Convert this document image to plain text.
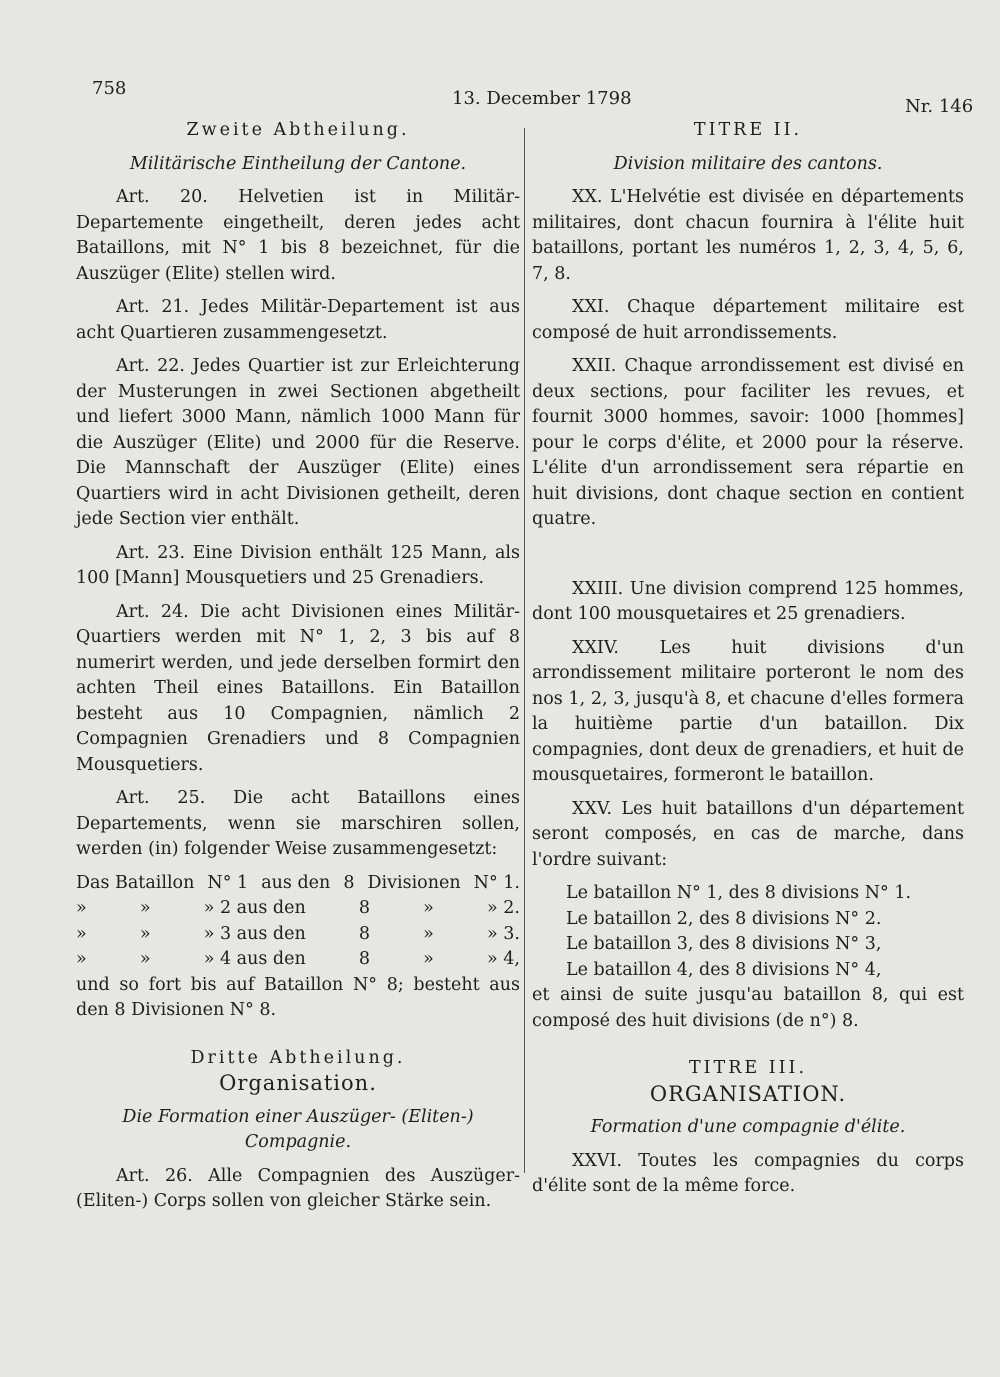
758	13. December 1798	Nr. 146
Zweite Abtheilung.
Militärische Eintheilung der Cantone.

Art. 20. Helvetien ist in Militär-Departemente eingetheilt, deren jedes acht Bataillons, mit N° 1 bis 8 bezeichnet, für die Auszüger (Elite) stellen wird.

Art. 21. Jedes Militär-Departement ist aus acht Quartieren zusammengesetzt.

Art. 22. Jedes Quartier ist zur Erleichterung der Musterungen in zwei Sectionen abgetheilt und liefert 3000 Mann, nämlich 1000 Mann für die Auszüger (Elite) und 2000 für die Reserve. Die Mannschaft der Auszüger (Elite) eines Quartiers wird in acht Divisionen getheilt, deren jede Section vier enthält.

Art. 23. Eine Division enthält 125 Mann, als 100 [Mann] Mousquetiers und 25 Grenadiers.

Art. 24. Die acht Divisionen eines Militär-Quartiers werden mit N° 1, 2, 3 bis auf 8 numerirt werden, und jede derselben formirt den achten Theil eines Bataillons. Ein Bataillon besteht aus 10 Compagnien, nämlich 2 Compagnien Grenadiers und 8 Compagnien Mousquetiers.

Art. 25. Die acht Bataillons eines Departements, wenn sie marschiren sollen, werden (in) folgender Weise zusammengesetzt:

Das Bataillon N° 1 aus den 8 Divisionen N° 1.
»	»	» 2 aus den	8	»	» 2.
»	»	» 3 aus den	8	»	» 3.
»	»	» 4 aus den	8	»	» 4,

und so fort bis auf Bataillon N° 8; besteht aus den 8 Divisionen N° 8.

Dritte Abtheilung.
Organisation.
Die Formation einer Auszüger- (Eliten-) Compagnie.

Art. 26. Alle Compagnien des Auszüger- (Eliten-) Corps sollen von gleicher Stärke sein.

TITRE II.
Division militaire des cantons.

XX. L'Helvétie est divisée en départements militaires, dont chacun fournira à l'élite huit bataillons, portant les numéros 1, 2, 3, 4, 5, 6, 7, 8.

XXI. Chaque département militaire est composé de huit arrondissements.

XXII. Chaque arrondissement est divisé en deux sections, pour faciliter les revues, et fournit 3000 hommes, savoir: 1000 [hommes] pour le corps d'élite, et 2000 pour la réserve. L'élite d'un arrondissement sera répartie en huit divisions, dont chaque section en contient quatre.

XXIII. Une division comprend 125 hommes, dont 100 mousquetaires et 25 grenadiers.

XXIV. Les huit divisions d'un arrondissement militaire porteront le nom des nos 1, 2, 3, jusqu'à 8, et chacune d'elles formera la huitième partie d'un bataillon. Dix compagnies, dont deux de grenadiers, et huit de mousquetaires, formeront le bataillon.

XXV. Les huit bataillons d'un département seront composés, en cas de marche, dans l'ordre suivant:

Le bataillon N° 1, des 8 divisions N° 1.
Le bataillon 2, des 8 divisions N° 2.
Le bataillon 3, des 8 divisions N° 3,
Le bataillon 4, des 8 divisions N° 4,

et ainsi de suite jusqu'au bataillon 8, qui est composé des huit divisions (de n°) 8.

TITRE III.
ORGANISATION.
Formation d'une compagnie d'élite.

XXVI. Toutes les compagnies du corps d'élite sont de la même force.
